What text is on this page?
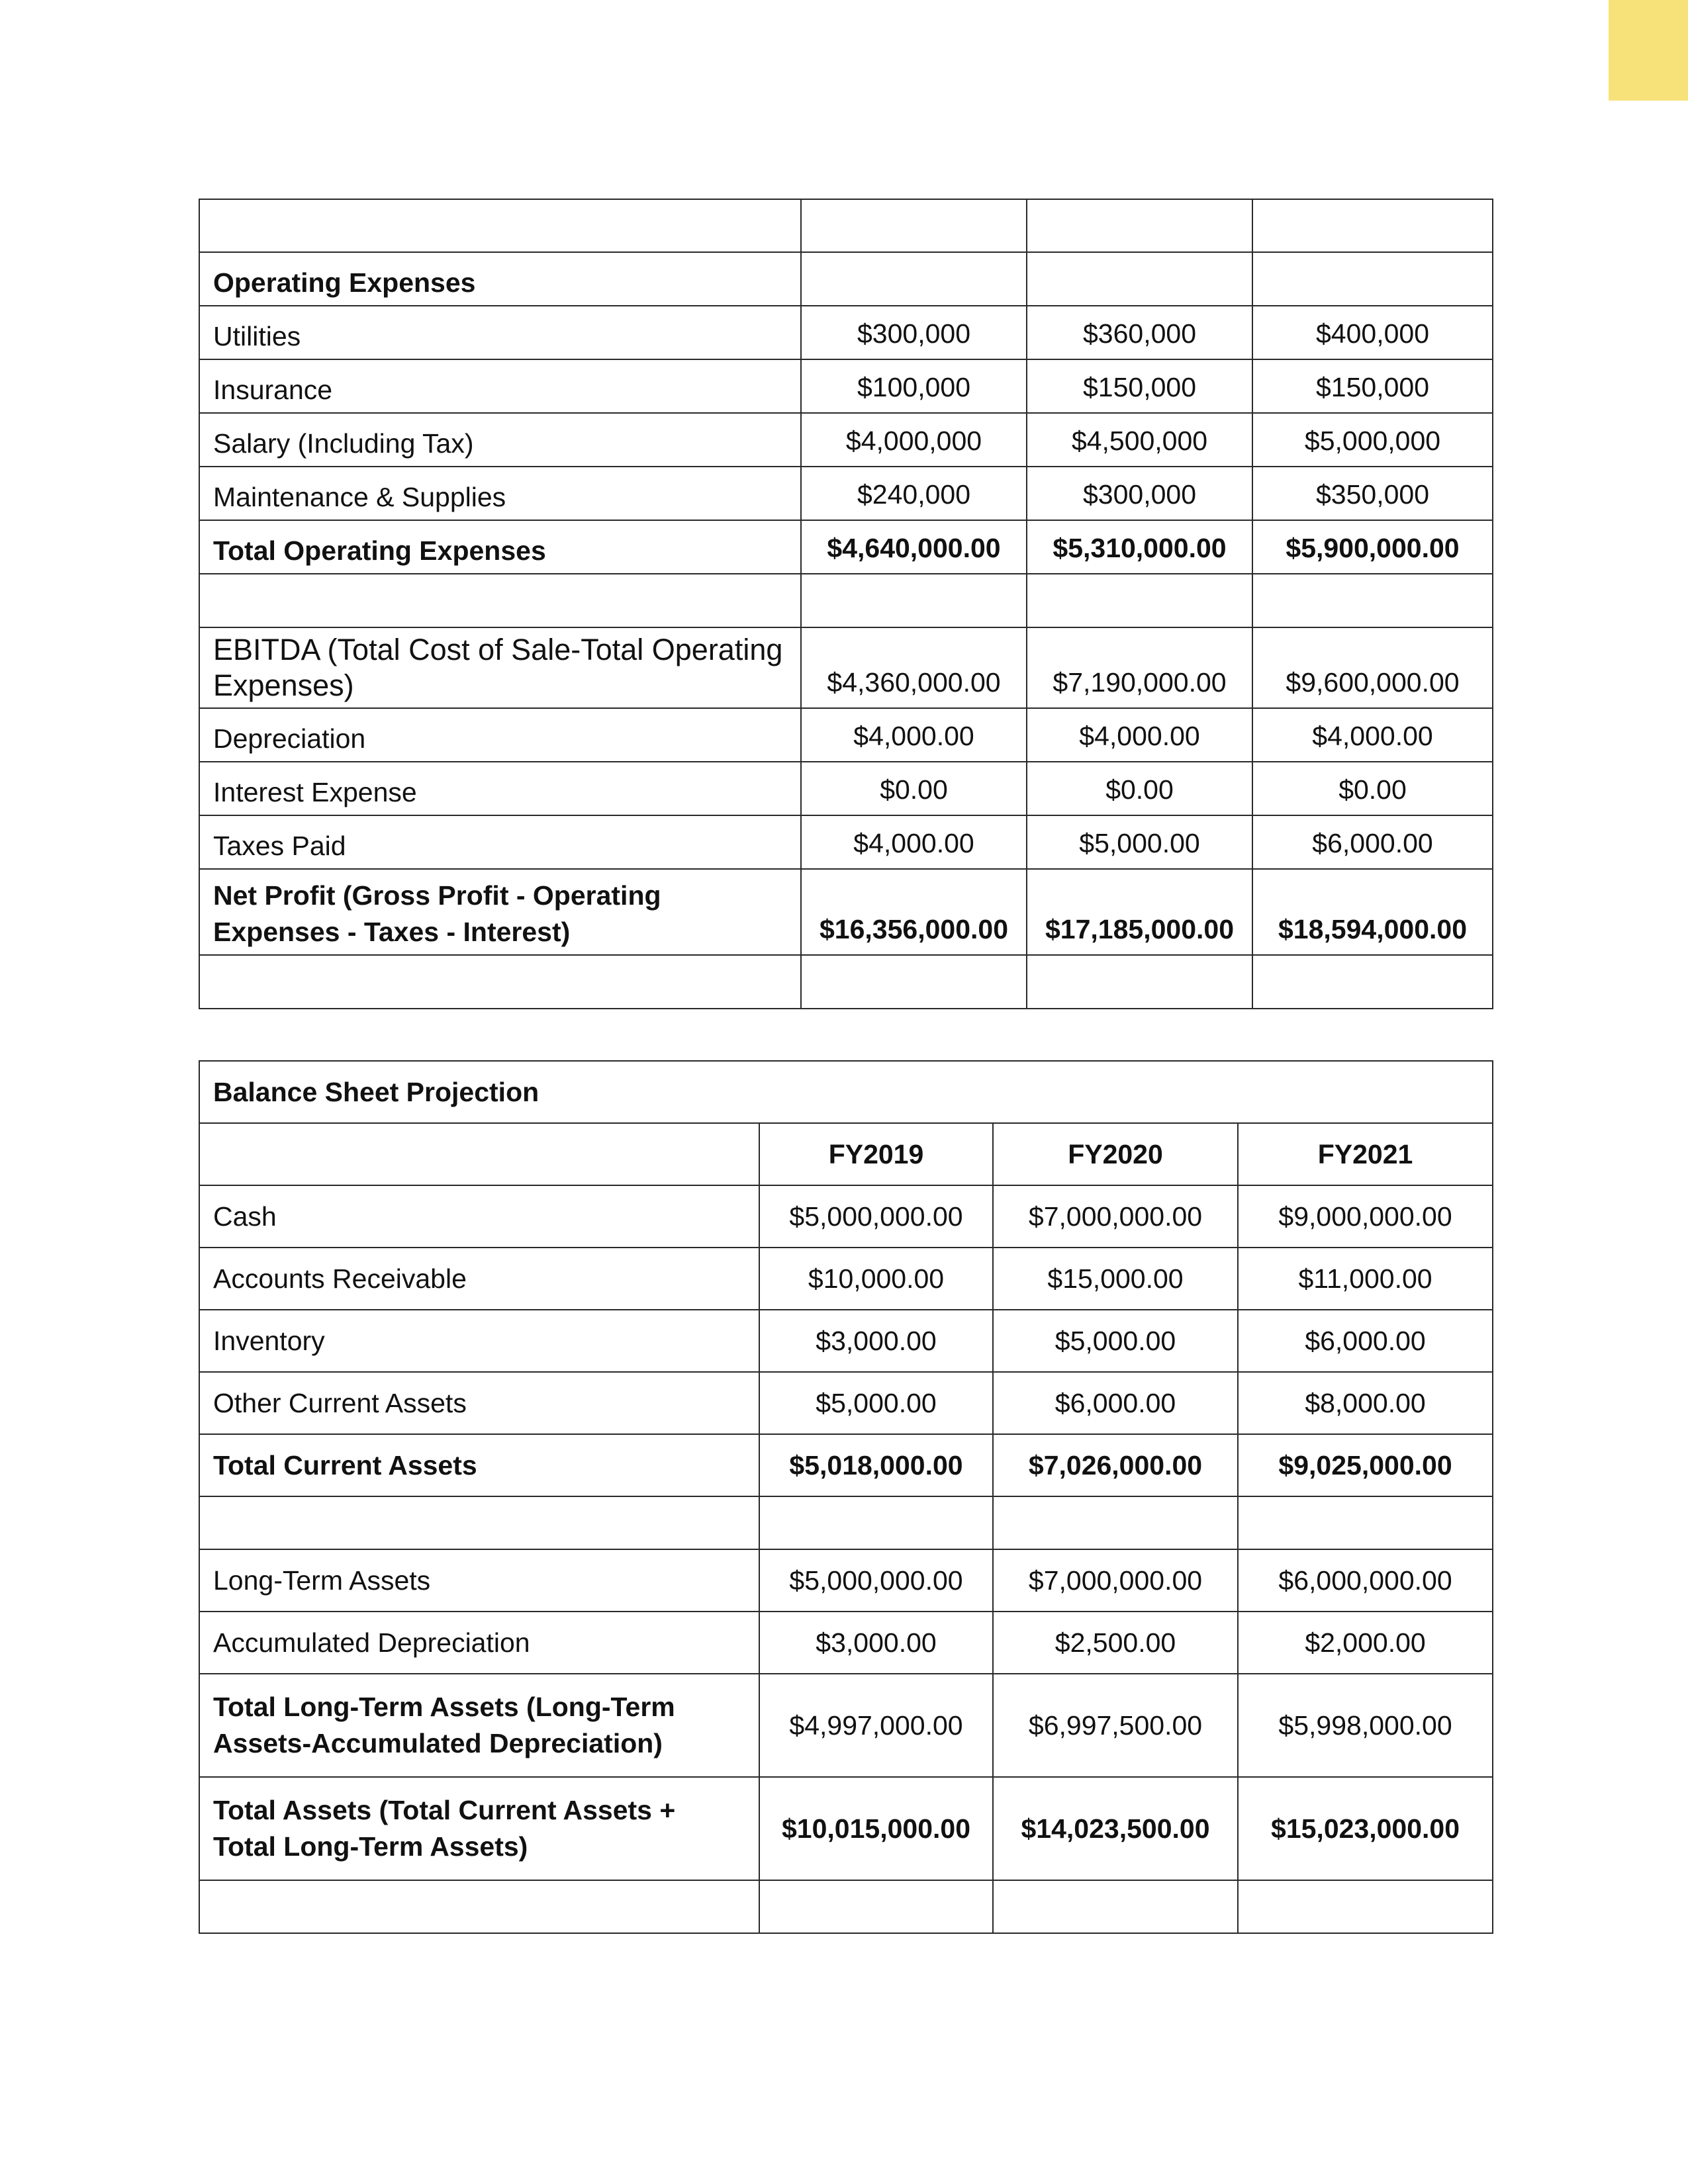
Operating Expenses			
Utilities	$300,000	$360,000	$400,000
Insurance	$100,000	$150,000	$150,000
Salary (Including Tax)	$4,000,000	$4,500,000	$5,000,000
Maintenance & Supplies	$240,000	$300,000	$350,000
Total Operating Expenses	$4,640,000.00	$5,310,000.00	$5,900,000.00

EBITDA (Total Cost of Sale-Total Operating Expenses)	$4,360,000.00	$7,190,000.00	$9,600,000.00
Depreciation	$4,000.00	$4,000.00	$4,000.00
Interest Expense	$0.00	$0.00	$0.00
Taxes Paid	$4,000.00	$5,000.00	$6,000.00
Net Profit (Gross Profit - Operating Expenses - Taxes - Interest)	$16,356,000.00	$17,185,000.00	$18,594,000.00

Balance Sheet Projection			
	FY2019	FY2020	FY2021
Cash	$5,000,000.00	$7,000,000.00	$9,000,000.00
Accounts Receivable	$10,000.00	$15,000.00	$11,000.00
Inventory	$3,000.00	$5,000.00	$6,000.00
Other Current Assets	$5,000.00	$6,000.00	$8,000.00
Total Current Assets	$5,018,000.00	$7,026,000.00	$9,025,000.00

Long-Term Assets	$5,000,000.00	$7,000,000.00	$6,000,000.00
Accumulated Depreciation	$3,000.00	$2,500.00	$2,000.00
Total Long-Term Assets (Long-Term Assets-Accumulated Depreciation)	$4,997,000.00	$6,997,500.00	$5,998,000.00
Total Assets (Total Current Assets + Total Long-Term Assets)	$10,015,000.00	$14,023,500.00	$15,023,000.00
